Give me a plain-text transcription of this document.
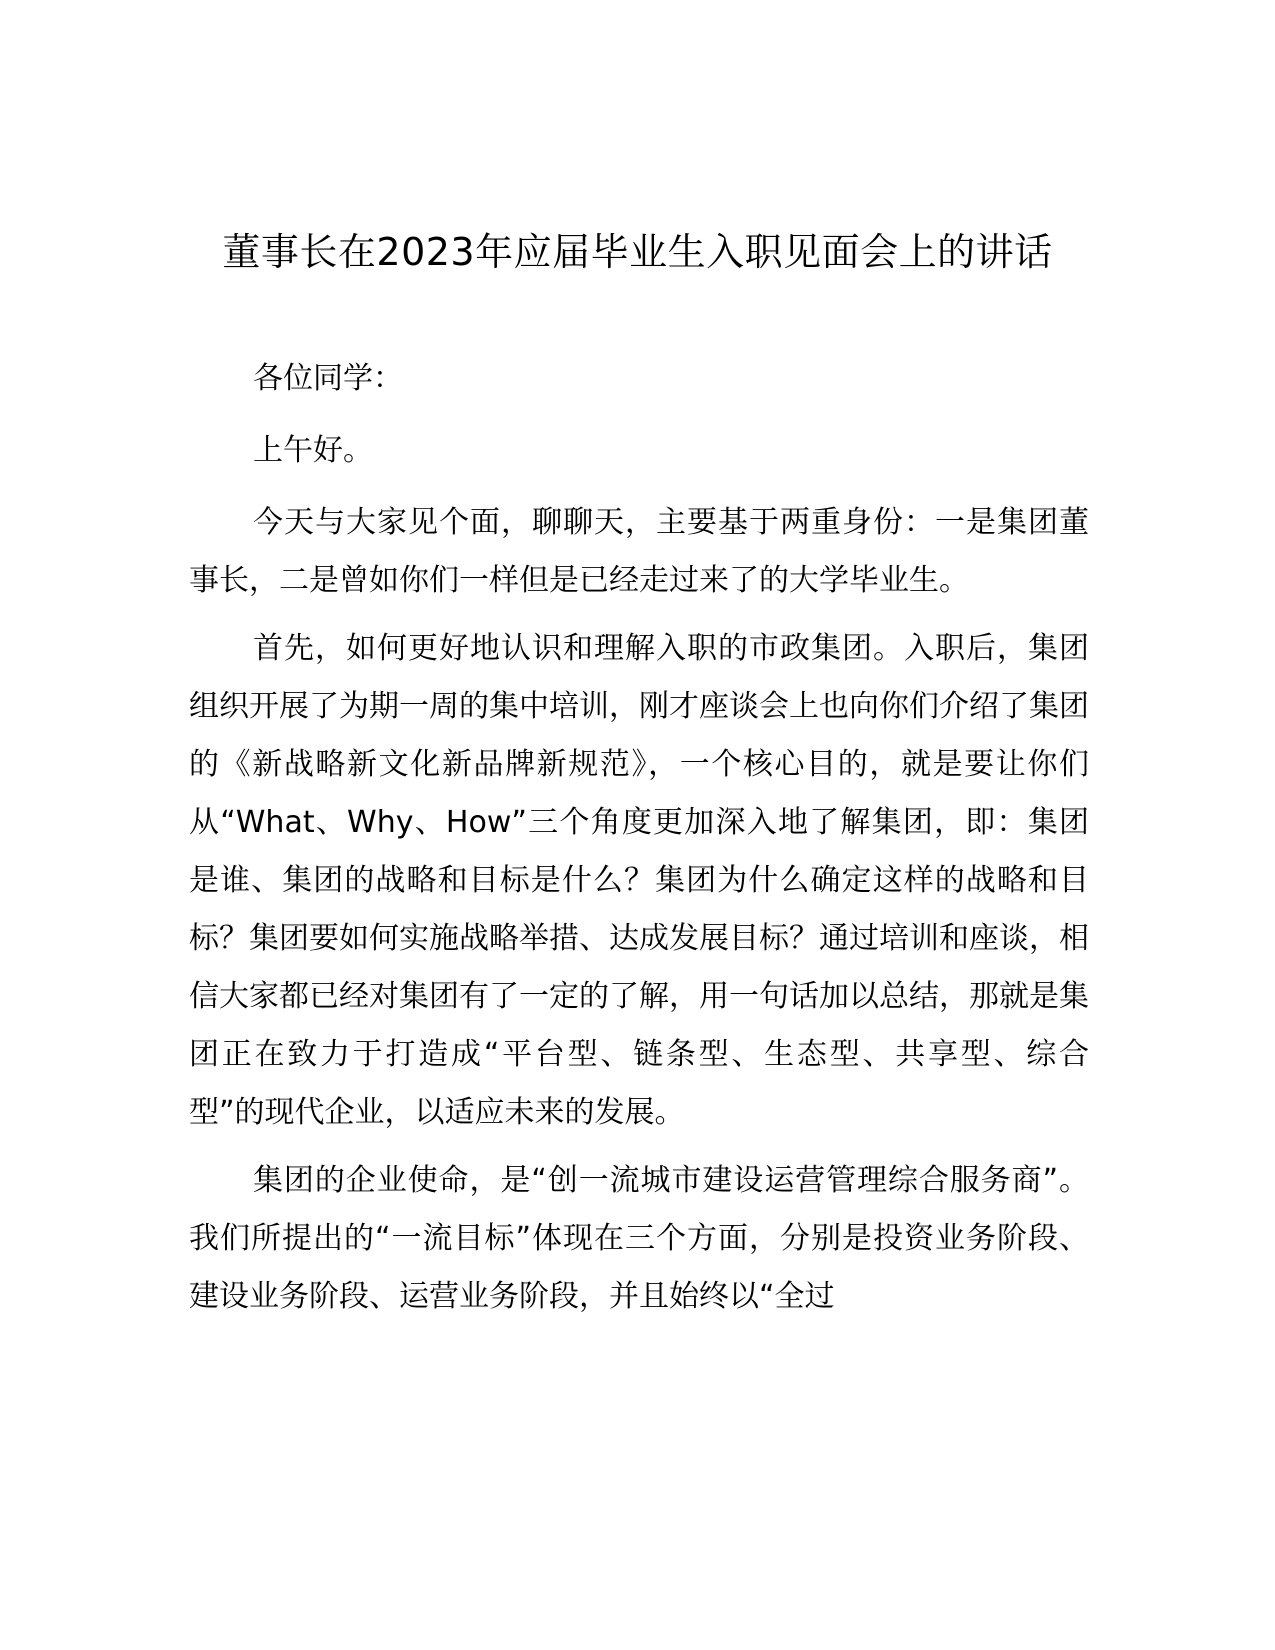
董事长在2023年应届毕业生入职见面会上的讲话

各位同学：

上午好。

今天与大家见个面，聊聊天，主要基于两重身份：一是集团董事长，二是曾如你们一样但是已经走过来了的大学毕业生。

首先，如何更好地认识和理解入职的市政集团。入职后，集团组织开展了为期一周的集中培训，刚才座谈会上也向你们介绍了集团的《新战略新文化新品牌新规范》，一个核心目的，就是要让你们从“What、Why、How”三个角度更加深入地了解集团，即：集团是谁、集团的战略和目标是什么？集团为什么确定这样的战略和目标？集团要如何实施战略举措、达成发展目标？通过培训和座谈，相信大家都已经对集团有了一定的了解，用一句话加以总结，那就是集团正在致力于打造成“平台型、链条型、生态型、共享型、综合型”的现代企业，以适应未来的发展。

集团的企业使命，是“创一流城市建设运营管理综合服务商”。我们所提出的“一流目标”体现在三个方面，分别是投资业务阶段、建设业务阶段、运营业务阶段，并且始终以“全过
